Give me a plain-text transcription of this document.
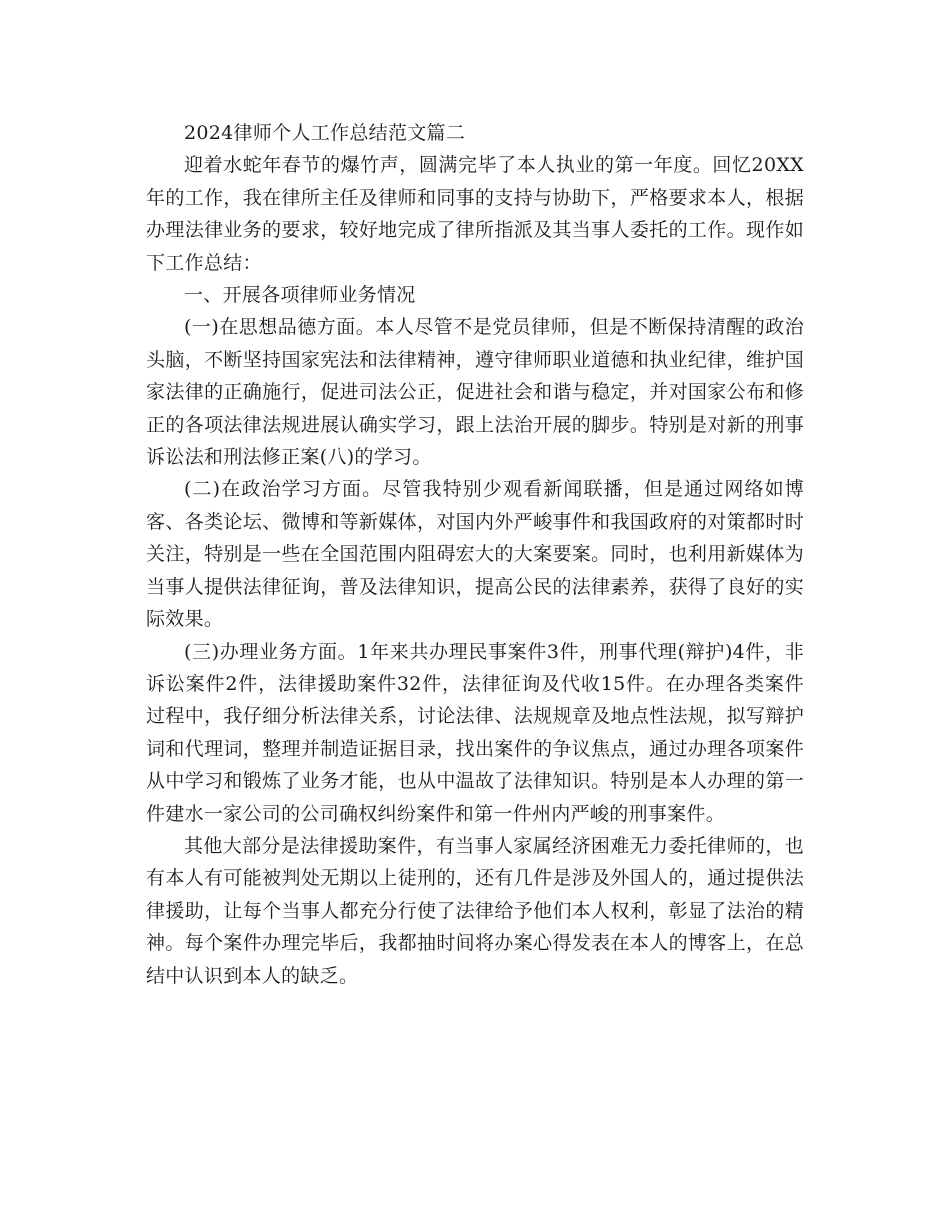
2024律师个人工作总结范文篇二

迎着水蛇年春节的爆竹声，圆满完毕了本人执业的第一年度。回忆20XX年的工作，我在律所主任及律师和同事的支持与协助下，严格要求本人，根据办理法律业务的要求，较好地完成了律所指派及其当事人委托的工作。现作如下工作总结：

一、开展各项律师业务情况

(一)在思想品德方面。本人尽管不是党员律师，但是不断保持清醒的政治头脑，不断坚持国家宪法和法律精神，遵守律师职业道德和执业纪律，维护国家法律的正确施行，促进司法公正，促进社会和谐与稳定，并对国家公布和修正的各项法律法规进展认确实学习，跟上法治开展的脚步。特别是对新的刑事诉讼法和刑法修正案(八)的学习。

(二)在政治学习方面。尽管我特别少观看新闻联播，但是通过网络如博客、各类论坛、微博和等新媒体，对国内外严峻事件和我国政府的对策都时时关注，特别是一些在全国范围内阻碍宏大的大案要案。同时，也利用新媒体为当事人提供法律征询，普及法律知识，提高公民的法律素养，获得了良好的实际效果。

(三)办理业务方面。1年来共办理民事案件3件，刑事代理(辩护)4件，非诉讼案件2件，法律援助案件32件，法律征询及代收15件。在办理各类案件过程中，我仔细分析法律关系，讨论法律、法规规章及地点性法规，拟写辩护词和代理词，整理并制造证据目录，找出案件的争议焦点，通过办理各项案件从中学习和锻炼了业务才能，也从中温故了法律知识。特别是本人办理的第一件建水一家公司的公司确权纠纷案件和第一件州内严峻的刑事案件。

其他大部分是法律援助案件，有当事人家属经济困难无力委托律师的，也有本人有可能被判处无期以上徒刑的，还有几件是涉及外国人的，通过提供法律援助，让每个当事人都充分行使了法律给予他们本人权利，彰显了法治的精神。每个案件办理完毕后，我都抽时间将办案心得发表在本人的博客上，在总结中认识到本人的缺乏。
